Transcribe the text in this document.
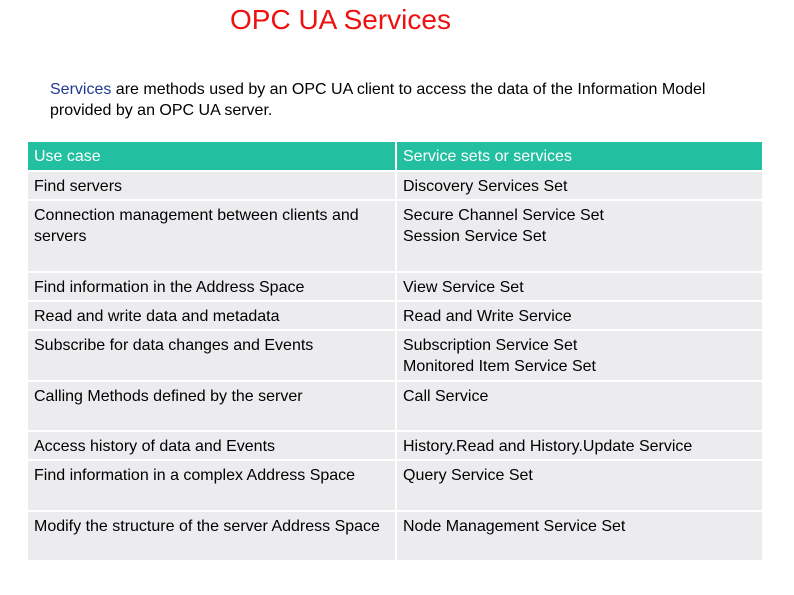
OPC UA Services
Services are methods used by an OPC UA client to access the data of the Information Model provided by an OPC UA server.
Use case	Service sets or services
Find servers	Discovery Services Set
Connection management between clients and servers	Secure Channel Service Set
Session Service Set
Find information in the Address Space	View Service Set
Read and write data and metadata	Read and Write Service
Subscribe for data changes and Events	Subscription Service Set
Monitored Item Service Set
Calling Methods defined by the server	Call Service
Access history of data and Events	History.Read and History.Update Service
Find information in a complex Address Space	Query Service Set
Modify the structure of the server Address Space	Node Management Service Set
